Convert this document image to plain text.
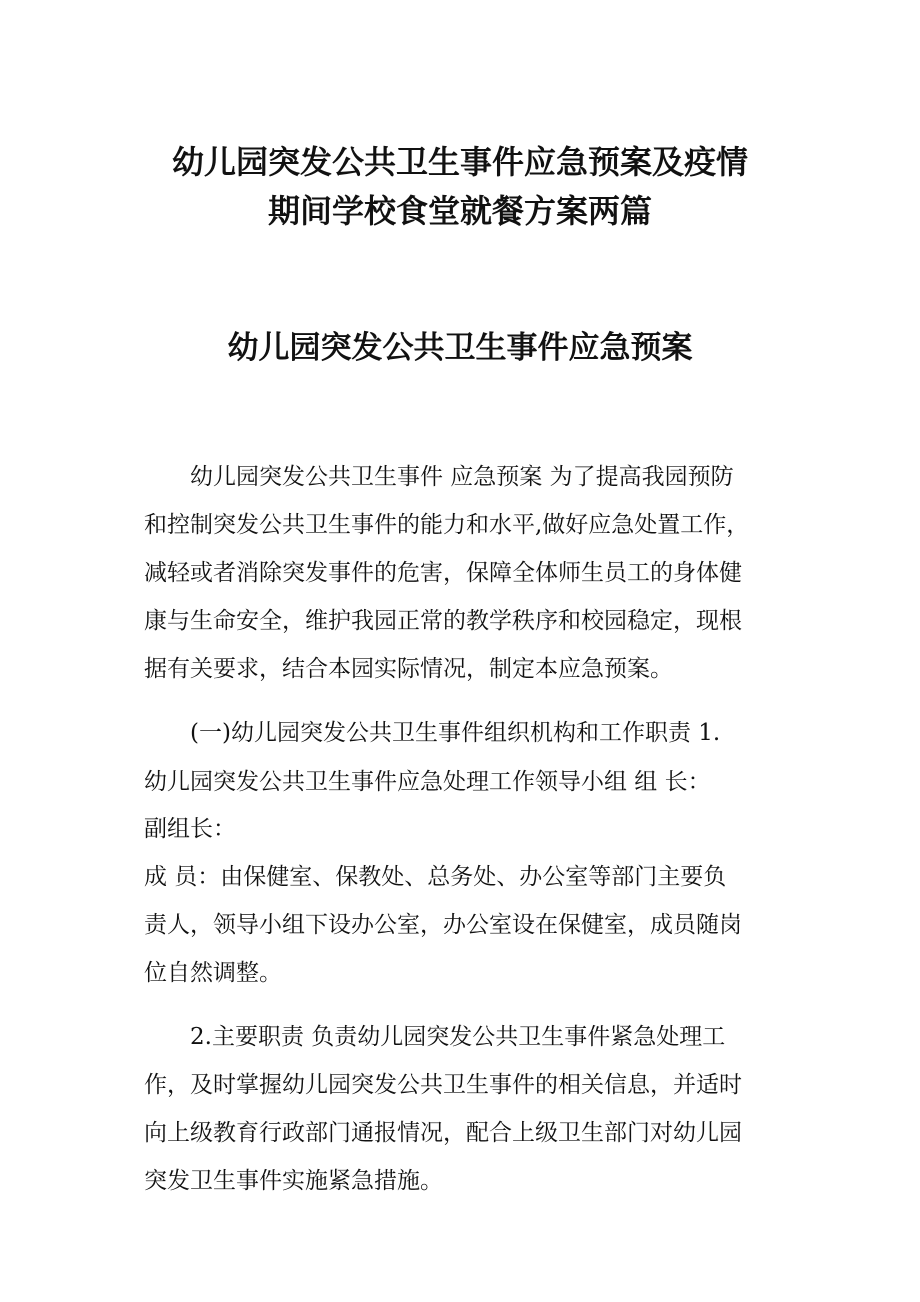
幼儿园突发公共卫生事件应急预案及疫情
期间学校食堂就餐方案两篇
幼儿园突发公共卫生事件应急预案

幼儿园突发公共卫生事件 应急预案 为了提高我园预防

和控制突发公共卫生事件的能力和水平,做好应急处置工作，

减轻或者消除突发事件的危害，保障全体师生员工的身体健

康与生命安全，维护我园正常的教学秩序和校园稳定，现根

据有关要求，结合本园实际情况，制定本应急预案。

(一)幼儿园突发公共卫生事件组织机构和工作职责 1.

幼儿园突发公共卫生事件应急处理工作领导小组 组 长：

副组长：

成 员：由保健室、保教处、总务处、办公室等部门主要负

责人，领导小组下设办公室，办公室设在保健室，成员随岗

位自然调整。

2.主要职责 负责幼儿园突发公共卫生事件紧急处理工

作，及时掌握幼儿园突发公共卫生事件的相关信息，并适时

向上级教育行政部门通报情况，配合上级卫生部门对幼儿园

突发卫生事件实施紧急措施。
